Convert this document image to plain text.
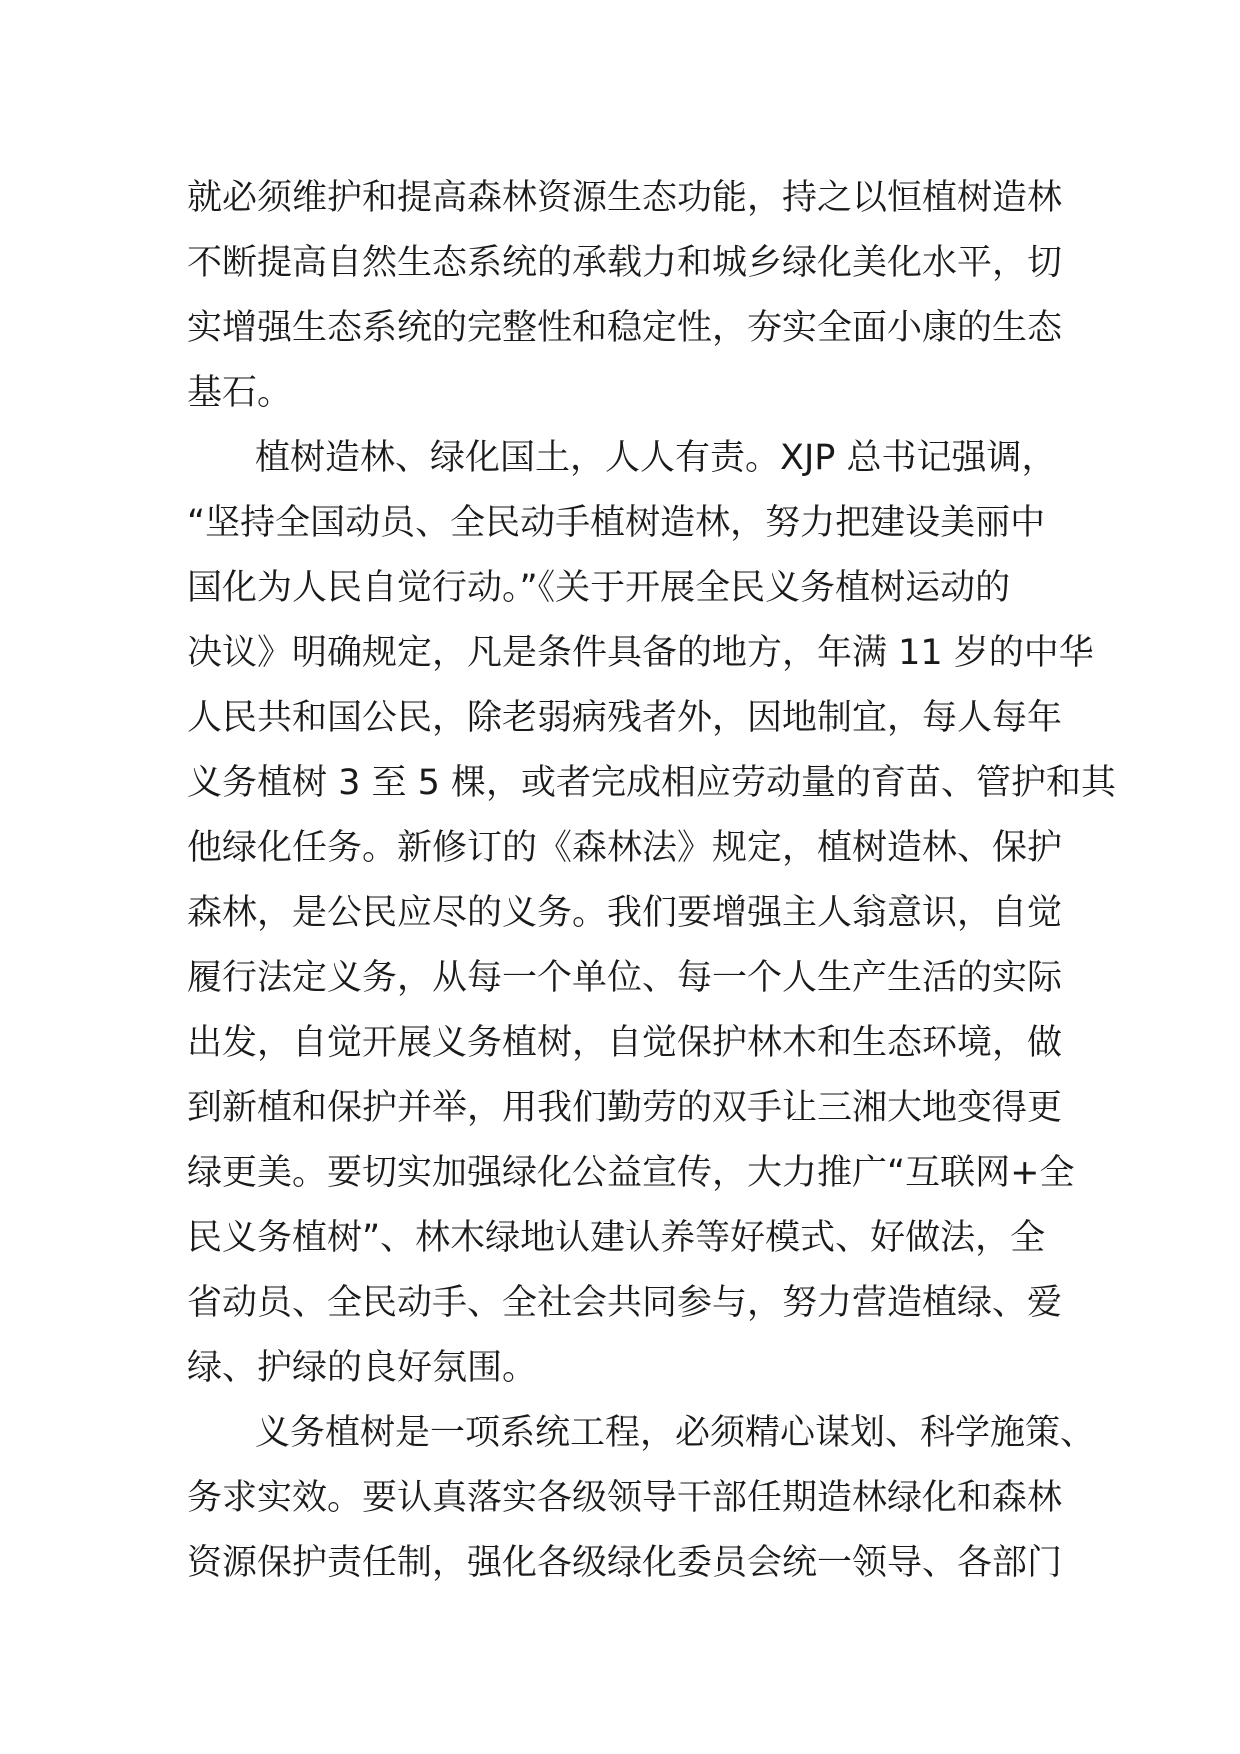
就必须维护和提高森林资源生态功能，持之以恒植树造林
不断提高自然生态系统的承载力和城乡绿化美化水平，切
实增强生态系统的完整性和稳定性，夯实全面小康的生态
基石。
植树造林、绿化国土，人人有责。XJP 总书记强调，
“坚持全国动员、全民动手植树造林，努力把建设美丽中
国化为人民自觉行动。”《关于开展全民义务植树运动的
决议》明确规定，凡是条件具备的地方，年满 11 岁的中华
人民共和国公民，除老弱病残者外，因地制宜，每人每年
义务植树 3 至 5 棵，或者完成相应劳动量的育苗、管护和其
他绿化任务。新修订的《森林法》规定，植树造林、保护
森林，是公民应尽的义务。我们要增强主人翁意识，自觉
履行法定义务，从每一个单位、每一个人生产生活的实际
出发，自觉开展义务植树，自觉保护林木和生态环境，做
到新植和保护并举，用我们勤劳的双手让三湘大地变得更
绿更美。要切实加强绿化公益宣传，大力推广“互联网+全
民义务植树”、林木绿地认建认养等好模式、好做法，全
省动员、全民动手、全社会共同参与，努力营造植绿、爱
绿、护绿的良好氛围。
义务植树是一项系统工程，必须精心谋划、科学施策、
务求实效。要认真落实各级领导干部任期造林绿化和森林
资源保护责任制，强化各级绿化委员会统一领导、各部门
